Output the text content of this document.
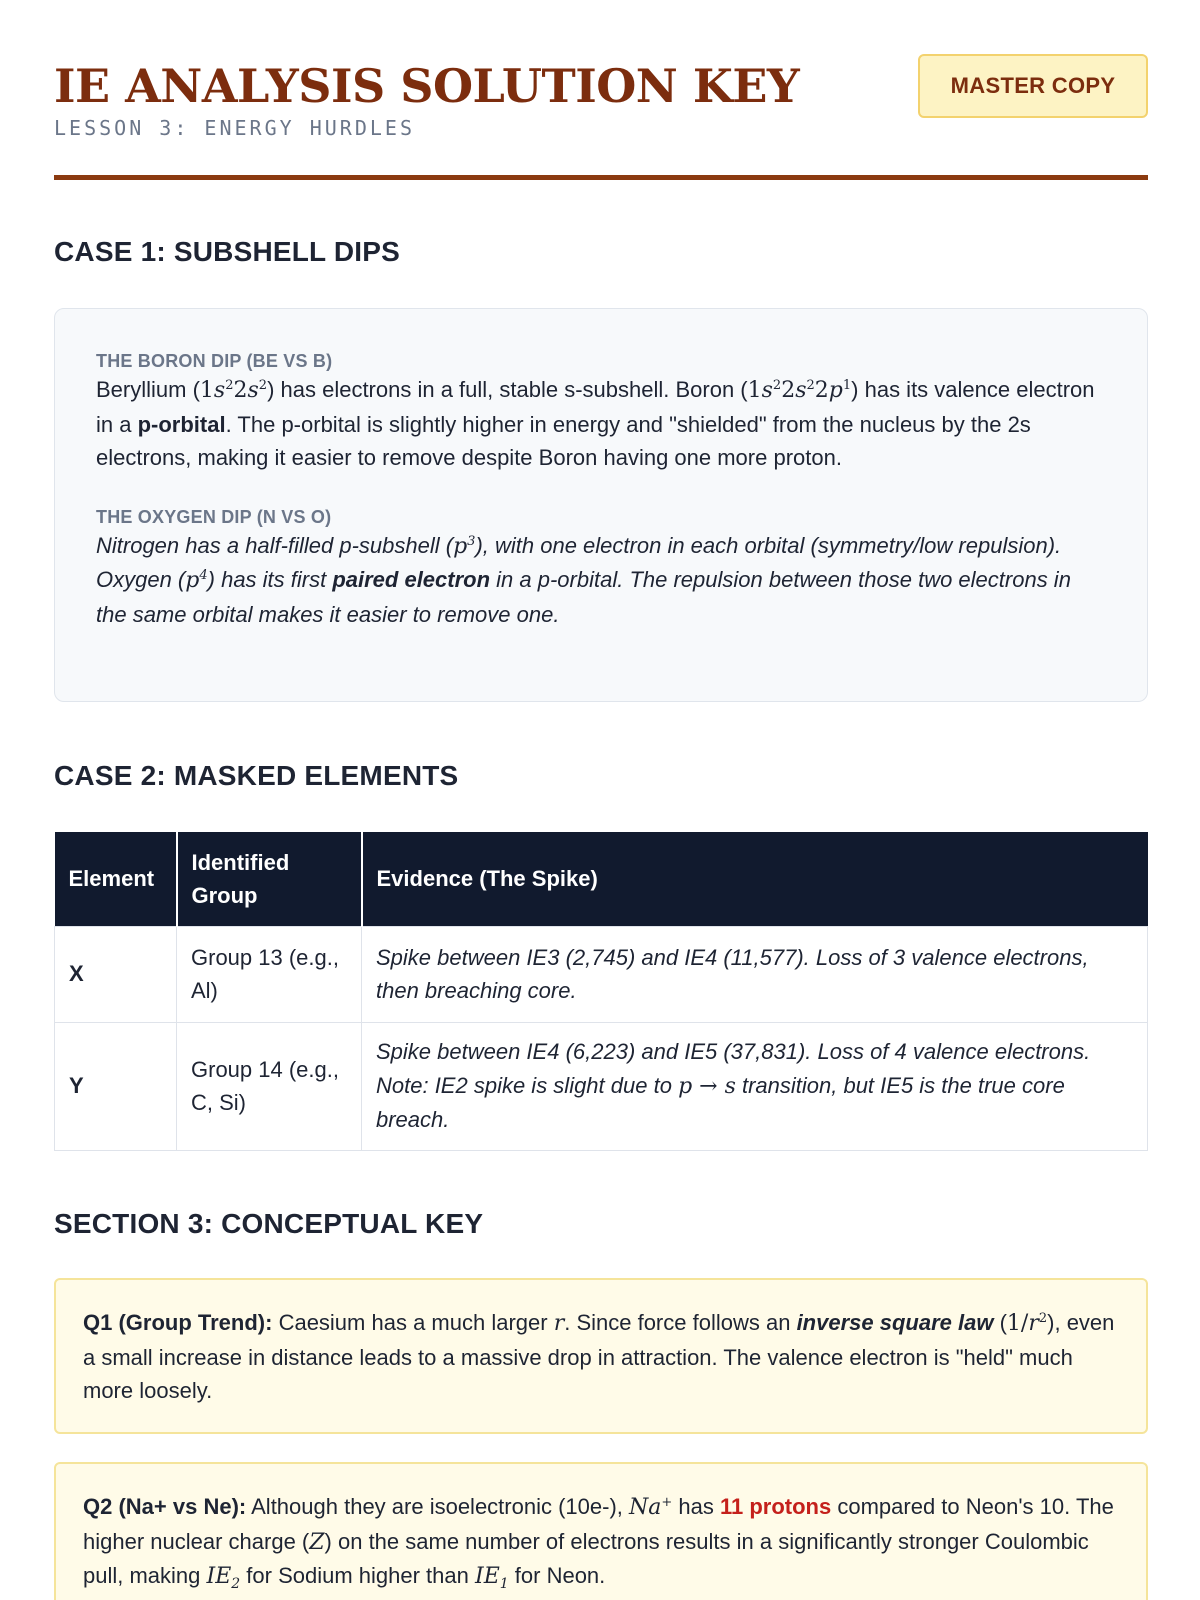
IE ANALYSIS SOLUTION KEY
LESSON 3: ENERGY HURDLES
MASTER COPY
CASE 1: SUBSHELL DIPS
THE BORON DIP (BE VS B)
Beryllium $(1s^22s^2)$ has electrons in a full, stable s-subshell. Boron $(1s^22s^22p^1)$ has its valence electron in a p-orbital. The p-orbital is slightly higher in energy and "shielded" from the nucleus by the 2s electrons, making it easier to remove despite Boron having one more proton.
THE OXYGEN DIP (N VS O)
Nitrogen has a half-filled p-subshell $(p^3)$, with one electron in each orbital (symmetry/low repulsion). Oxygen $(p^4)$ has its first paired electron in a p-orbital. The repulsion between those two electrons in the same orbital makes it easier to remove one.
CASE 2: MASKED ELEMENTS
Element	Identified Group	Evidence (The Spike)
X	Group 13 (e.g., Al)	Spike between IE3 (2,745) and IE4 (11,577). Loss of 3 valence electrons, then breaching core.
Y	Group 14 (e.g., C, Si)	Spike between IE4 (6,223) and IE5 (37,831). Loss of 4 valence electrons. Note: IE2 spike is slight due to p → s transition, but IE5 is the true core breach.
SECTION 3: CONCEPTUAL KEY
Q1 (Group Trend): Caesium has a much larger r. Since force follows an inverse square law $(1/r^2)$, even a small increase in distance leads to a massive drop in attraction. The valence electron is "held" much more loosely.
Q2 (Na+ vs Ne): Although they are isoelectronic (10e-), Na+ has 11 protons compared to Neon's 10. The higher nuclear charge (Z) on the same number of electrons results in a significantly stronger Coulombic pull, making $IE_2$ for Sodium higher than $IE_1$ for Neon.
